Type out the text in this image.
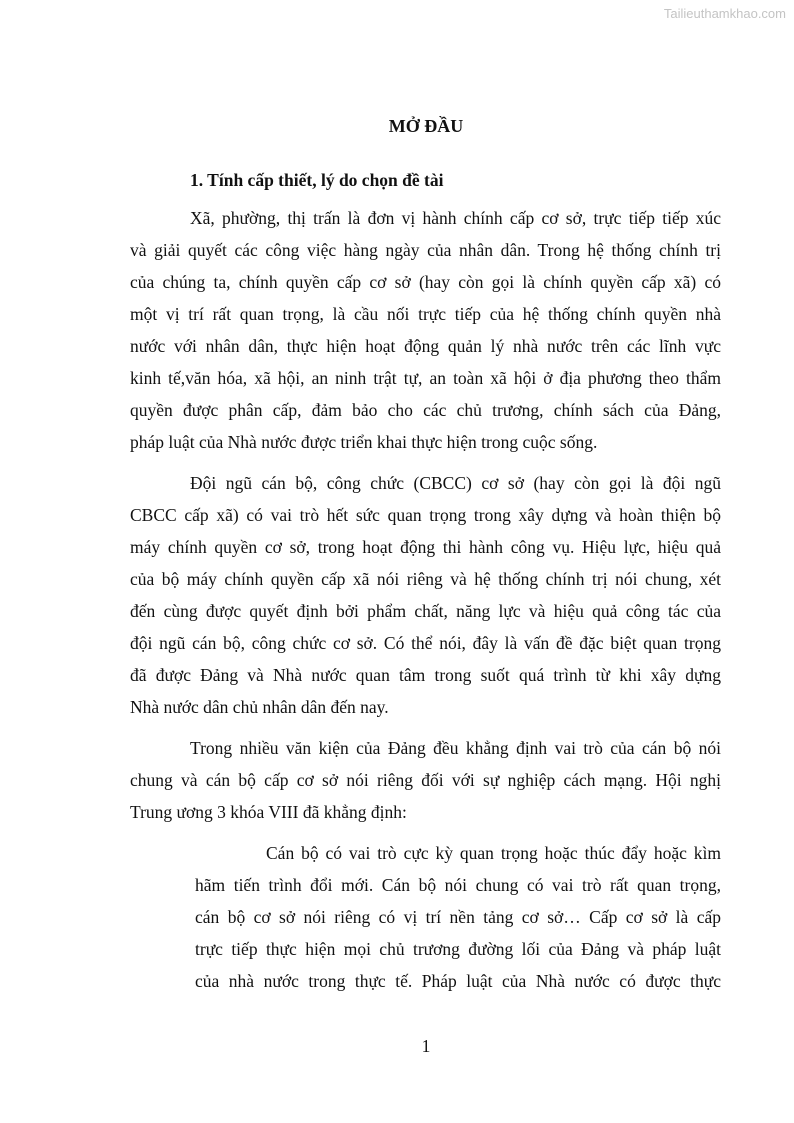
Tailieuthamkhao.com
MỞ ĐẦU
1. Tính cấp thiết, lý do chọn đề tài
Xã, phường, thị trấn là đơn vị hành chính cấp cơ sở, trực tiếp tiếp xúc
và giải quyết các công việc hàng ngày của nhân dân. Trong hệ thống chính trị
của chúng ta, chính quyền cấp cơ sở (hay còn gọi là chính quyền cấp xã) có
một vị trí rất quan trọng, là cầu nối trực tiếp của hệ thống chính quyền nhà
nước với nhân dân, thực hiện hoạt động quản lý nhà nước trên các lĩnh vực
kinh tế,văn hóa, xã hội, an ninh trật tự, an toàn xã hội ở địa phương theo thẩm
quyền được phân cấp, đảm bảo cho các chủ trương, chính sách của Đảng,
pháp luật của Nhà nước được triển khai thực hiện trong cuộc sống.
Đội ngũ cán bộ, công chức (CBCC) cơ sở (hay còn gọi là đội ngũ
CBCC cấp xã) có vai trò hết sức quan trọng trong xây dựng và hoàn thiện bộ
máy chính quyền cơ sở, trong hoạt động thi hành công vụ. Hiệu lực, hiệu quả
của bộ máy chính quyền cấp xã nói riêng và hệ thống chính trị nói chung, xét
đến cùng được quyết định bởi phẩm chất, năng lực và hiệu quả công tác của
đội ngũ cán bộ, công chức cơ sở. Có thể nói, đây là vấn đề đặc biệt quan trọng
đã được Đảng và Nhà nước quan tâm trong suốt quá trình từ khi xây dựng
Nhà nước dân chủ nhân dân đến nay.
Trong nhiều văn kiện của Đảng đều khẳng định vai trò của cán bộ nói
chung và cán bộ cấp cơ sở nói riêng đối với sự nghiệp cách mạng. Hội nghị
Trung ương 3 khóa VIII đã khẳng định:
Cán bộ có vai trò cực kỳ quan trọng hoặc thúc đẩy hoặc kìm
hãm tiến trình đổi mới. Cán bộ nói chung có vai trò rất quan trọng,
cán bộ cơ sở nói riêng có vị trí nền tảng cơ sở… Cấp cơ sở là cấp
trực tiếp thực hiện mọi chủ trương đường lối của Đảng và pháp luật
của nhà nước trong thực tế. Pháp luật của Nhà nước có được thực
1
